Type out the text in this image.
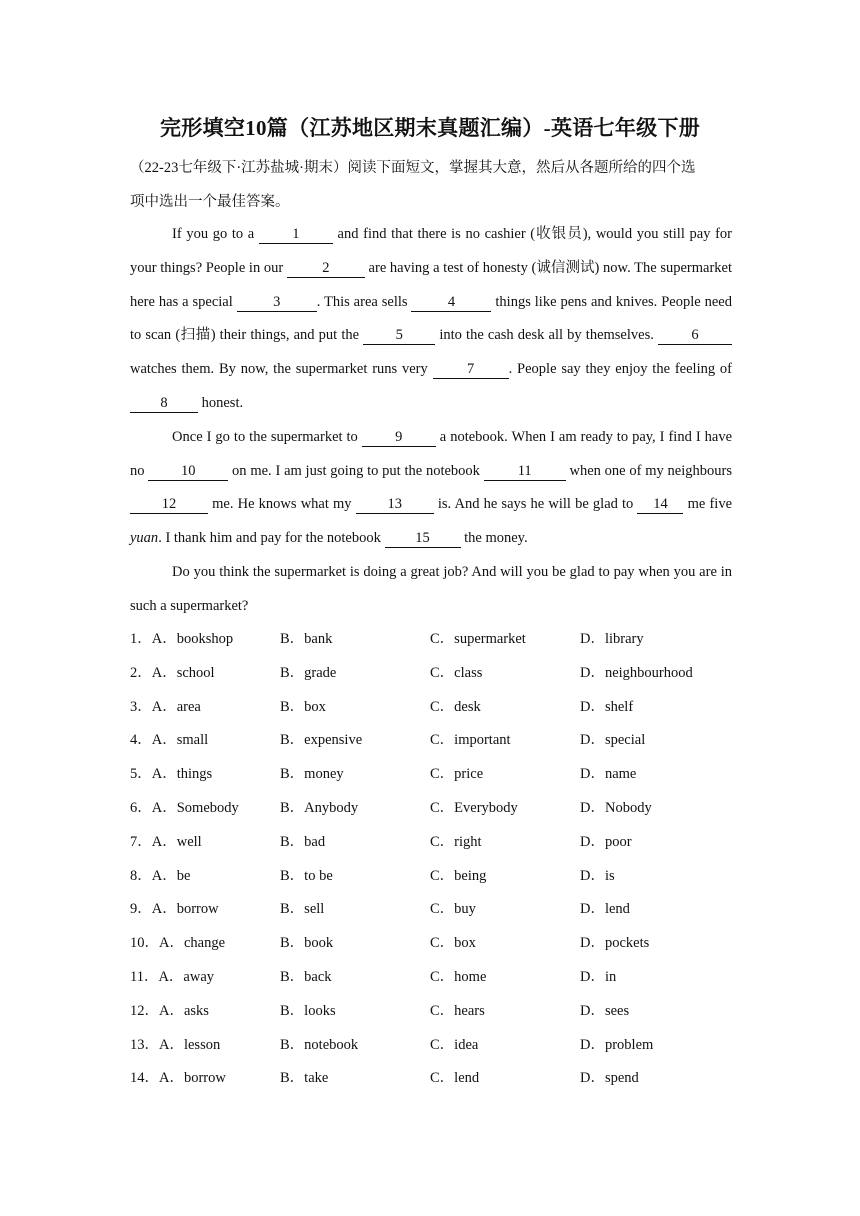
完形填空10篇（江苏地区期末真题汇编）-英语七年级下册
（22-23七年级下·江苏盐城·期末）阅读下面短文，掌握其大意，然后从各题所给的四个选
项中选出一个最佳答案。

If you go to a 1 and find that there is no cashier (收银员), would you still pay for your things? People in our 2 are having a test of honesty (诚信测试) now. The supermarket here has a special	3	. This area sells	4	things like pens and knives. People need to scan (扫描) their things, and put the 5 into the cash desk all by themselves. 6 watches them. By now, the supermarket runs very 7 . People say they enjoy the feeling of 8 honest.

Once I go to the supermarket to 9 a notebook. When I am ready to pay, I find I have no 10 on me. I am just going to put the notebook 11 when one of my neighbours 12 me. He knows what my 13 is. And he says he will be glad to 14 me five yuan. I thank him and pay for the notebook 15 the money.

Do you think the supermarket is doing a great job? And will you be glad to pay when you are in such a supermarket?

1．A．bookshop	B．bank	C．supermarket	D．library
2．A．school	B．grade	C．class	D．neighbourhood
3．A．area	B．box	C．desk	D．shelf
4．A．small	B．expensive	C．important	D．special
5．A．things	B．money	C．price	D．name
6．A．Somebody	B．Anybody	C．Everybody	D．Nobody
7．A．well	B．bad	C．right	D．poor
8．A．be	B．to be	C．being	D．is
9．A．borrow	B．sell	C．buy	D．lend
10．A．change	B．book	C．box	D．pockets
11．A．away	B．back	C．home	D．in
12．A．asks	B．looks	C．hears	D．sees
13．A．lesson	B．notebook	C．idea	D．problem
14．A．borrow	B．take	C．lend	D．spend
